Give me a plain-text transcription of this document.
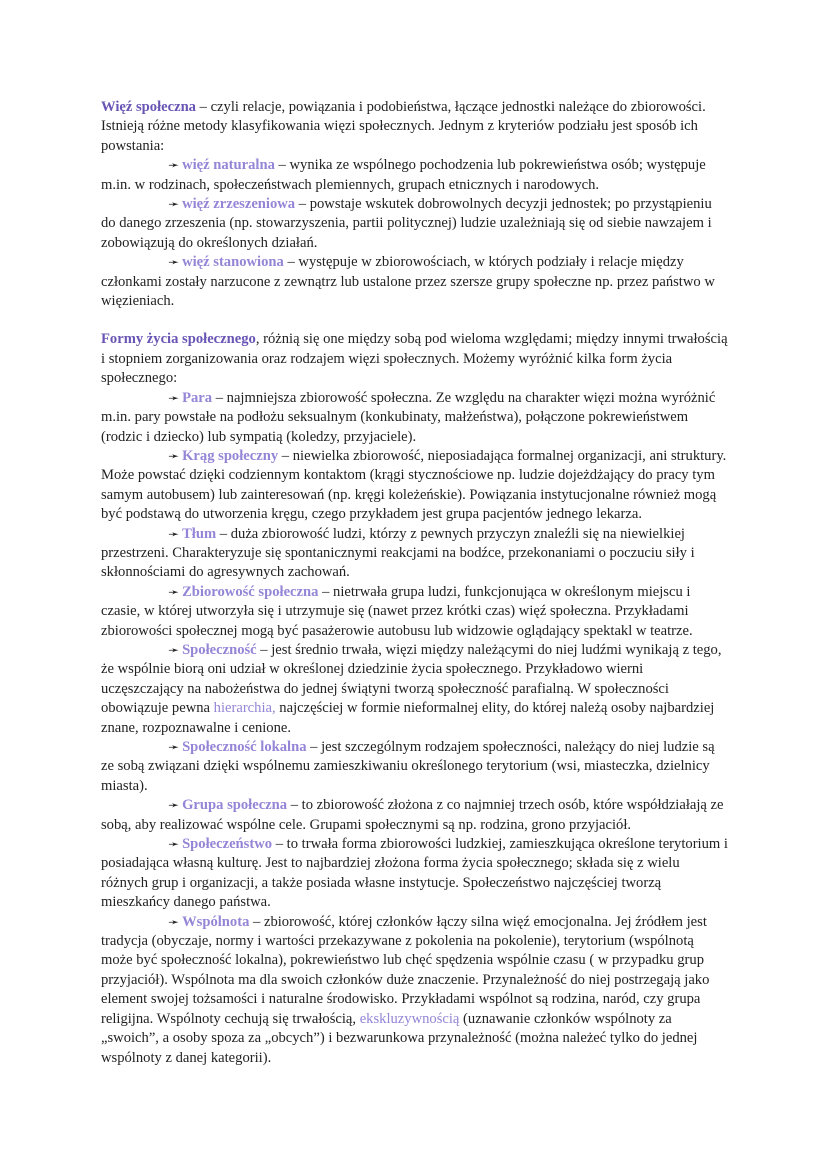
Więź społeczna – czyli relacje, powiązania i podobieństwa, łączące jednostki należące do zbiorowości. Istnieją różne metody klasyfikowania więzi społecznych. Jednym z kryteriów podziału jest sposób ich powstania:

➛ więź naturalna – wynika ze wspólnego pochodzenia lub pokrewieństwa osób; występuje m.in. w rodzinach, społeczeństwach plemiennych, grupach etnicznych i narodowych.

➛ więź zrzeszeniowa – powstaje wskutek dobrowolnych decyzji jednostek; po przystąpieniu do danego zrzeszenia (np. stowarzyszenia, partii politycznej) ludzie uzależniają się od siebie nawzajem i zobowiązują do określonych działań.

➛ więź stanowiona – występuje w zbiorowościach, w których podziały i relacje między członkami zostały narzucone z zewnątrz lub ustalone przez szersze grupy społeczne np. przez państwo w więzieniach.

Formy życia społecznego, różnią się one między sobą pod wieloma względami; między innymi trwałością i stopniem zorganizowania oraz rodzajem więzi społecznych. Możemy wyróżnić kilka form życia społecznego:

➛ Para – najmniejsza zbiorowość społeczna. Ze względu na charakter więzi można wyróżnić m.in. pary powstałe na podłożu seksualnym (konkubinaty, małżeństwa), połączone pokrewieństwem (rodzic i dziecko) lub sympatią (koledzy, przyjaciele).

➛ Krąg społeczny – niewielka zbiorowość, nieposiadająca formalnej organizacji, ani struktury. Może powstać dzięki codziennym kontaktom (krągi stycznościowe np. ludzie dojeżdżający do pracy tym samym autobusem) lub zainteresowań (np. kręgi koleżeńskie). Powiązania instytucjonalne również mogą być podstawą do utworzenia kręgu, czego przykładem jest grupa pacjentów jednego lekarza.

➛ Tłum – duża zbiorowość ludzi, którzy z pewnych przyczyn znaleźli się na niewielkiej przestrzeni. Charakteryzuje się spontanicznymi reakcjami na bodźce, przekonaniami o poczuciu siły i skłonnościami do agresywnych zachowań.

➛ Zbiorowość społeczna – nietrwała grupa ludzi, funkcjonująca w określonym miejscu i czasie, w której utworzyła się i utrzymuje się (nawet przez krótki czas) więź społeczna. Przykładami zbiorowości społecznej mogą być pasażerowie autobusu lub widzowie oglądający spektakl w teatrze.

➛ Społeczność – jest średnio trwała, więzi między należącymi do niej ludźmi wynikają z tego, że wspólnie biorą oni udział w określonej dziedzinie życia społecznego. Przykładowo wierni uczęszczający na nabożeństwa do jednej świątyni tworzą społeczność parafialną. W społeczności obowiązuje pewna hierarchia, najczęściej w formie nieformalnej elity, do której należą osoby najbardziej znane, rozpoznawalne i cenione.

➛ Społeczność lokalna – jest szczególnym rodzajem społeczności, należący do niej ludzie są ze sobą związani dzięki wspólnemu zamieszkiwaniu określonego terytorium (wsi, miasteczka, dzielnicy miasta).

➛ Grupa społeczna – to zbiorowość złożona z co najmniej trzech osób, które współdziałają ze sobą, aby realizować wspólne cele. Grupami społecznymi są np. rodzina, grono przyjaciół.

➛ Społeczeństwo – to trwała forma zbiorowości ludzkiej, zamieszkująca określone terytorium i posiadająca własną kulturę. Jest to najbardziej złożona forma życia społecznego; składa się z wielu różnych grup i organizacji, a także posiada własne instytucje. Społeczeństwo najczęściej tworzą mieszkańcy danego państwa.

➛ Wspólnota – zbiorowość, której członków łączy silna więź emocjonalna. Jej źródłem jest tradycja (obyczaje, normy i wartości przekazywane z pokolenia na pokolenie), terytorium (wspólnotą może być społeczność lokalna), pokrewieństwo lub chęć spędzenia wspólnie czasu ( w przypadku grup przyjaciół). Wspólnota ma dla swoich członków duże znaczenie. Przynależność do niej postrzegają jako element swojej tożsamości i naturalne środowisko. Przykładami wspólnot są rodzina, naród, czy grupa religijna. Wspólnoty cechują się trwałością, ekskluzywnością (uznawanie członków wspólnoty za „swoich”, a osoby spoza za „obcych”) i bezwarunkowa przynależność (można należeć tylko do jednej wspólnoty z danej kategorii).
